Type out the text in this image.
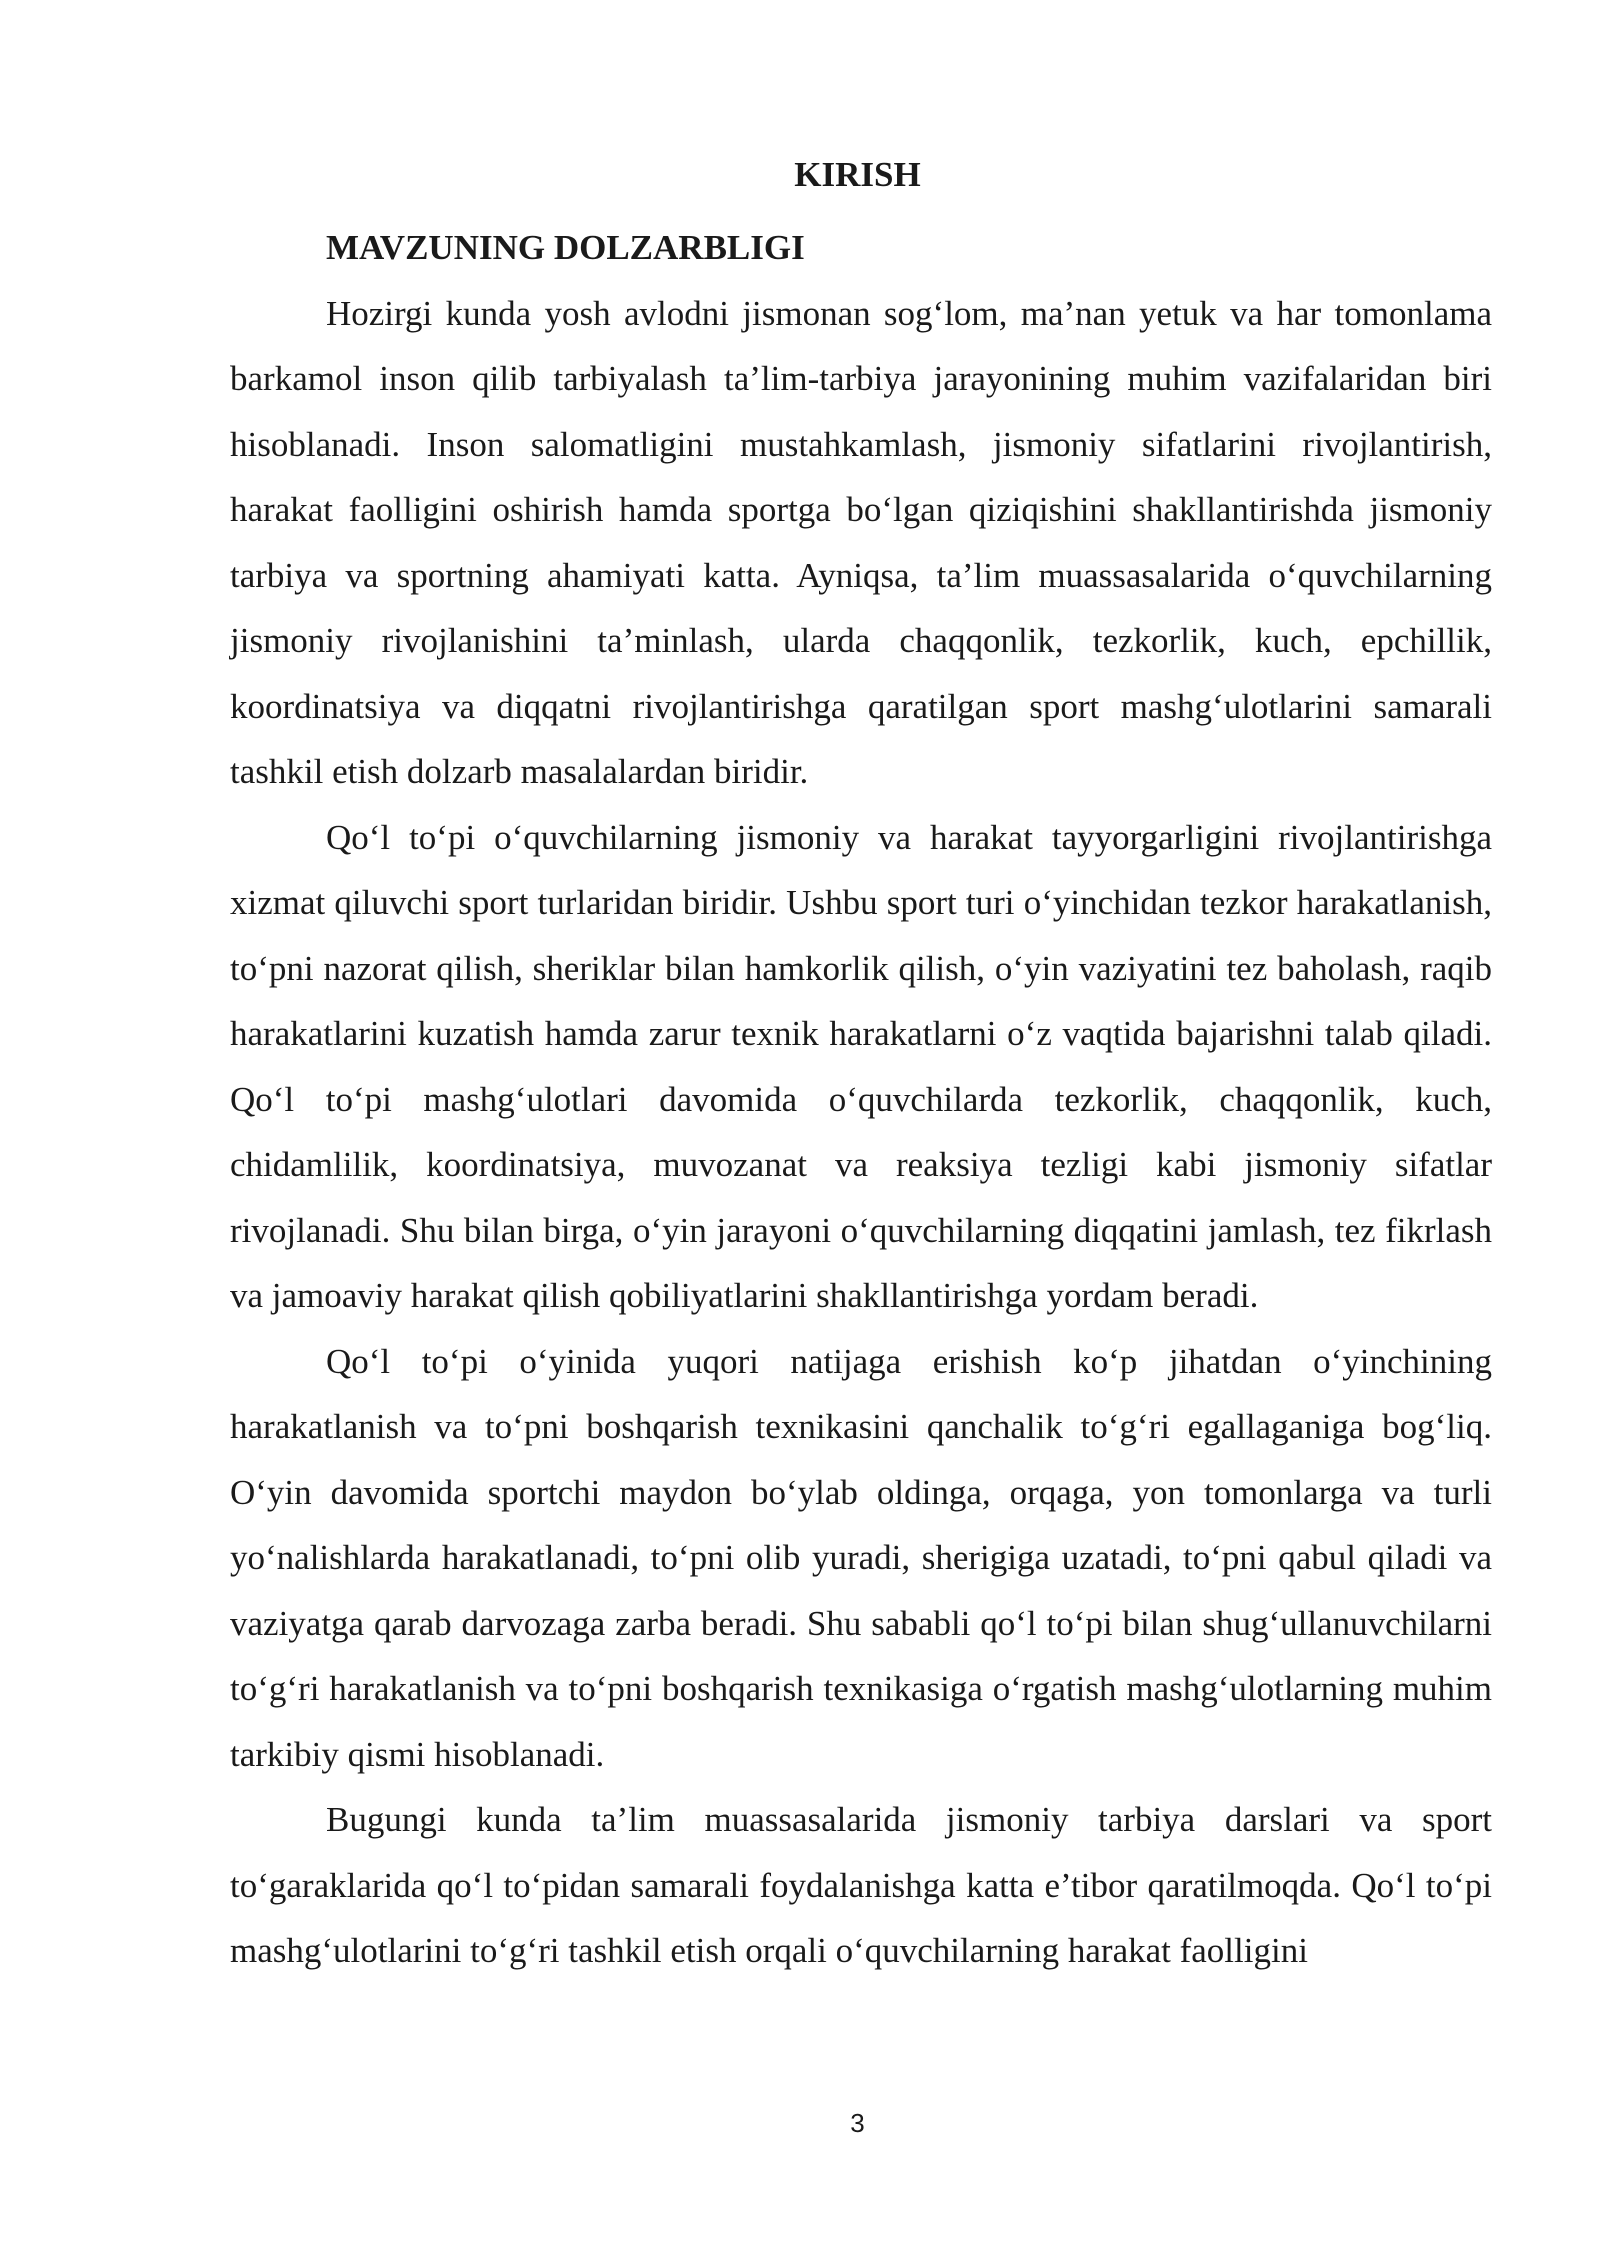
KIRISH
MAVZUNING DOLZARBLIGI

Hozirgi kunda yosh avlodni jismonan sog‘lom, ma’nan yetuk va har tomonlama barkamol inson qilib tarbiyalash ta’lim-tarbiya jarayonining muhim vazifalaridan biri hisoblanadi. Inson salomatligini mustahkamlash, jismoniy sifatlarini rivojlantirish, harakat faolligini oshirish hamda sportga bo‘lgan qiziqishini shakllantirishda jismoniy tarbiya va sportning ahamiyati katta. Ayniqsa, ta’lim muassasalarida o‘quvchilarning jismoniy rivojlanishini ta’minlash, ularda chaqqonlik, tezkorlik, kuch, epchillik, koordinatsiya va diqqatni rivojlantirishga qaratilgan sport mashg‘ulotlarini samarali tashkil etish dolzarb masalalardan biridir.

Qo‘l to‘pi o‘quvchilarning jismoniy va harakat tayyorgarligini rivojlantirishga xizmat qiluvchi sport turlaridan biridir. Ushbu sport turi o‘yinchidan tezkor harakatlanish, to‘pni nazorat qilish, sheriklar bilan hamkorlik qilish, o‘yin vaziyatini tez baholash, raqib harakatlarini kuzatish hamda zarur texnik harakatlarni o‘z vaqtida bajarishni talab qiladi. Qo‘l to‘pi mashg‘ulotlari davomida o‘quvchilarda tezkorlik, chaqqonlik, kuch, chidamlilik, koordinatsiya, muvozanat va reaksiya tezligi kabi jismoniy sifatlar rivojlanadi. Shu bilan birga, o‘yin jarayoni o‘quvchilarning diqqatini jamlash, tez fikrlash va jamoaviy harakat qilish qobiliyatlarini shakllantirishga yordam beradi.

Qo‘l to‘pi o‘yinida yuqori natijaga erishish ko‘p jihatdan o‘yinchining harakatlanish va to‘pni boshqarish texnikasini qanchalik to‘g‘ri egallaganiga bog‘liq. O‘yin davomida sportchi maydon bo‘ylab oldinga, orqaga, yon tomonlarga va turli yo‘nalishlarda harakatlanadi, to‘pni olib yuradi, sherigiga uzatadi, to‘pni qabul qiladi va vaziyatga qarab darvozaga zarba beradi. Shu sababli qo‘l to‘pi bilan shug‘ullanuvchilarni to‘g‘ri harakatlanish va to‘pni boshqarish texnikasiga o‘rgatish mashg‘ulotlarning muhim tarkibiy qismi hisoblanadi.

Bugungi kunda ta’lim muassasalarida jismoniy tarbiya darslari va sport to‘garaklarida qo‘l to‘pidan samarali foydalanishga katta e’tibor qaratilmoqda. Qo‘l to‘pi mashg‘ulotlarini to‘g‘ri tashkil etish orqali o‘quvchilarning harakat faolligini

3
